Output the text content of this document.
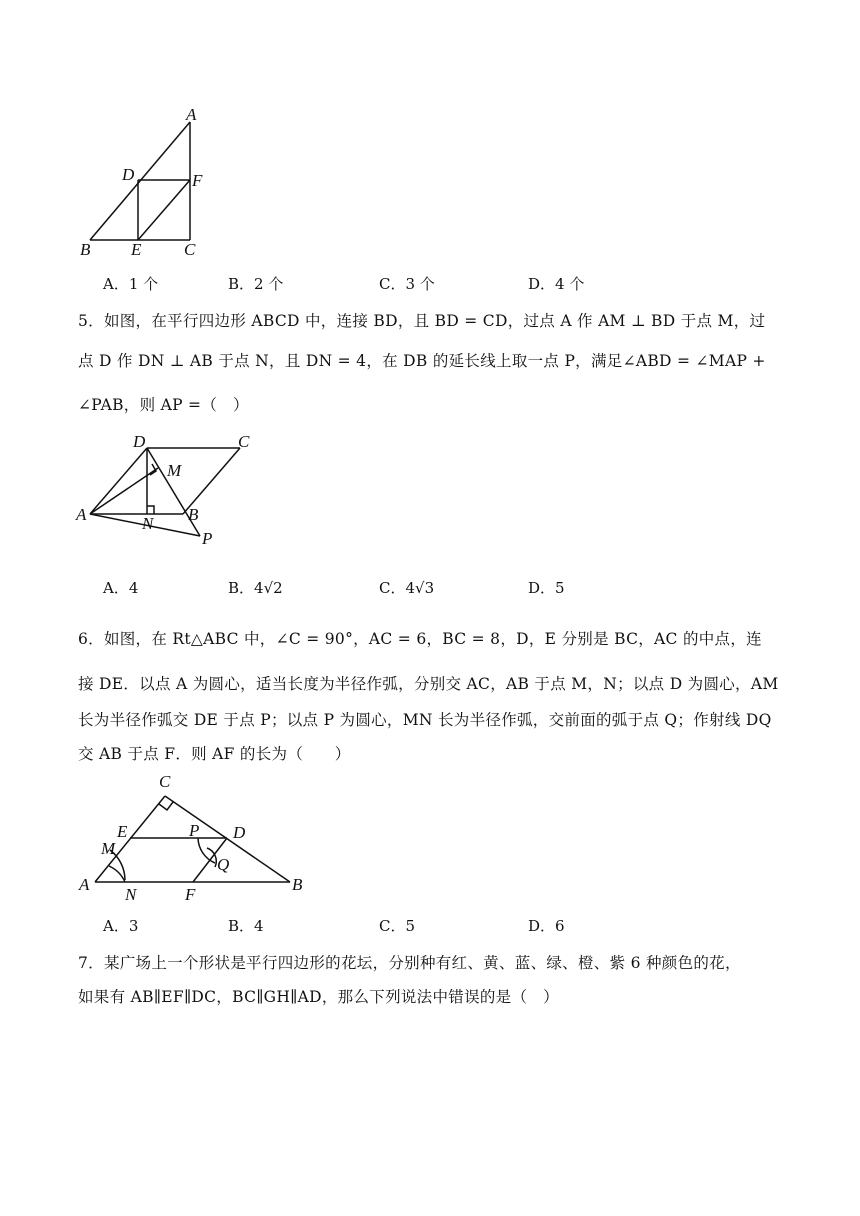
A
B	C
D
E
F
A．1 个	B．2 个	C．3 个	D．4 个
5．如图，在平行四边形 ABCD 中，连接 BD，且 BD = CD，过点 A 作 AM ⊥ BD 于点 M，过
点 D 作 DN ⊥ AB 于点 N，且 DN = 4，在 DB 的延长线上取一点 P，满足∠ABD = ∠MAP +
∠PAB，则 AP =（　）
D	C
A	B
M
N
P
A．4	B．4√2	C．4√3	D．5
6．如图，在 Rt△ABC 中，∠C = 90°，AC = 6，BC = 8，D，E 分别是 BC，AC 的中点，连
接 DE．以点 A 为圆心，适当长度为半径作弧，分别交 AC，AB 于点 M，N；以点 D 为圆心，AM
长为半径作弧交 DE 于点 P；以点 P 为圆心，MN 长为半径作弧，交前面的弧于点 Q；作射线 DQ
交 AB 于点 F．则 AF 的长为（　　）
C
E	P D
M
Q
A
N	F
B
A．3	B．4	C．5	D．6
7．某广场上一个形状是平行四边形的花坛，分别种有红、黄、蓝、绿、橙、紫 6 种颜色的花，
如果有 AB∥EF∥DC，BC∥GH∥AD，那么下列说法中错误的是（　）
